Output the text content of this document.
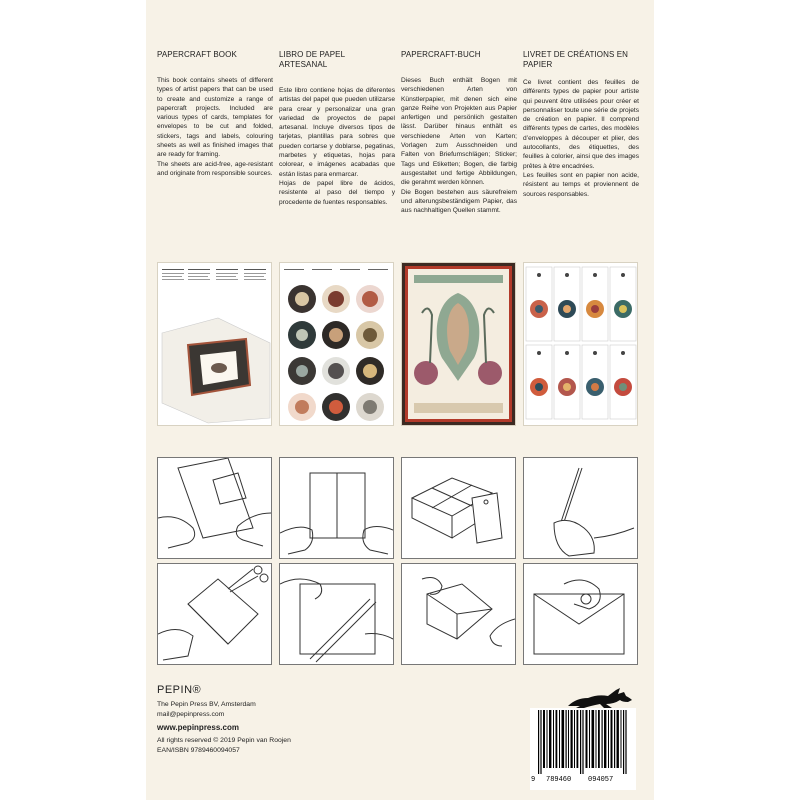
PAPERCRAFT BOOK

This book contains sheets of different types of artist papers that can be used to create and customize a range of papercraft projects. Included are various types of cards, templates for envelopes to be cut and folded, stickers, tags and labels, colouring sheets as well as finished images that are ready for framing.

The sheets are acid-free, age-resistant and originate from responsible sources.

LIBRO DE PAPEL ARTESANAL

Este libro contiene hojas de diferentes artistas del papel que pueden utilizarse para crear y personalizar una gran variedad de proyectos de papel artesanal. Incluye diversos tipos de tarjetas, plantillas para sobres que pueden cortarse y doblarse, pegatinas, marbetes y etiquetas, hojas para colorear, e imágenes acabadas que están listas para enmarcar.

Hojas de papel libre de ácidos, resistente al paso del tiempo y procedente de fuentes responsables.

PAPERCRAFT-BUCH

Dieses Buch enthält Bogen mit verschiedenen Arten von Künstlerpapier, mit denen sich eine ganze Reihe von Projekten aus Papier anfertigen und persönlich gestalten lässt. Darüber hinaus enthält es verschiedene Arten von Karten; Vorlagen zum Ausschneiden und Falten von Briefumschlägen; Sticker; Tags und Etiketten; Bogen, die farbig ausgestaltet und fertige Abbildungen, die gerahmt werden können.

Die Bogen bestehen aus säurefreiem und alterungsbeständigem Papier, das aus nachhaltigen Quellen stammt.

LIVRET DE CRÉATIONS EN PAPIER

Ce livret contient des feuilles de différents types de papier pour artiste qui peuvent être utilisées pour créer et personnaliser toute une série de projets de création en papier. Il comprend différents types de cartes, des modèles d’enveloppes à découper et plier, des autocollants, des étiquettes, des feuilles à colorier, ainsi que des images prêtes à être encadrées.

Les feuilles sont en papier non acide, résistent au temps et proviennent de sources responsables.

PEPIN®
The Pepin Press BV, Amsterdam
mail@pepinpress.com
www.pepinpress.com
All rights reserved © 2019 Pepin van Roojen
EAN/ISBN 9789460094057
9 789460 094057
